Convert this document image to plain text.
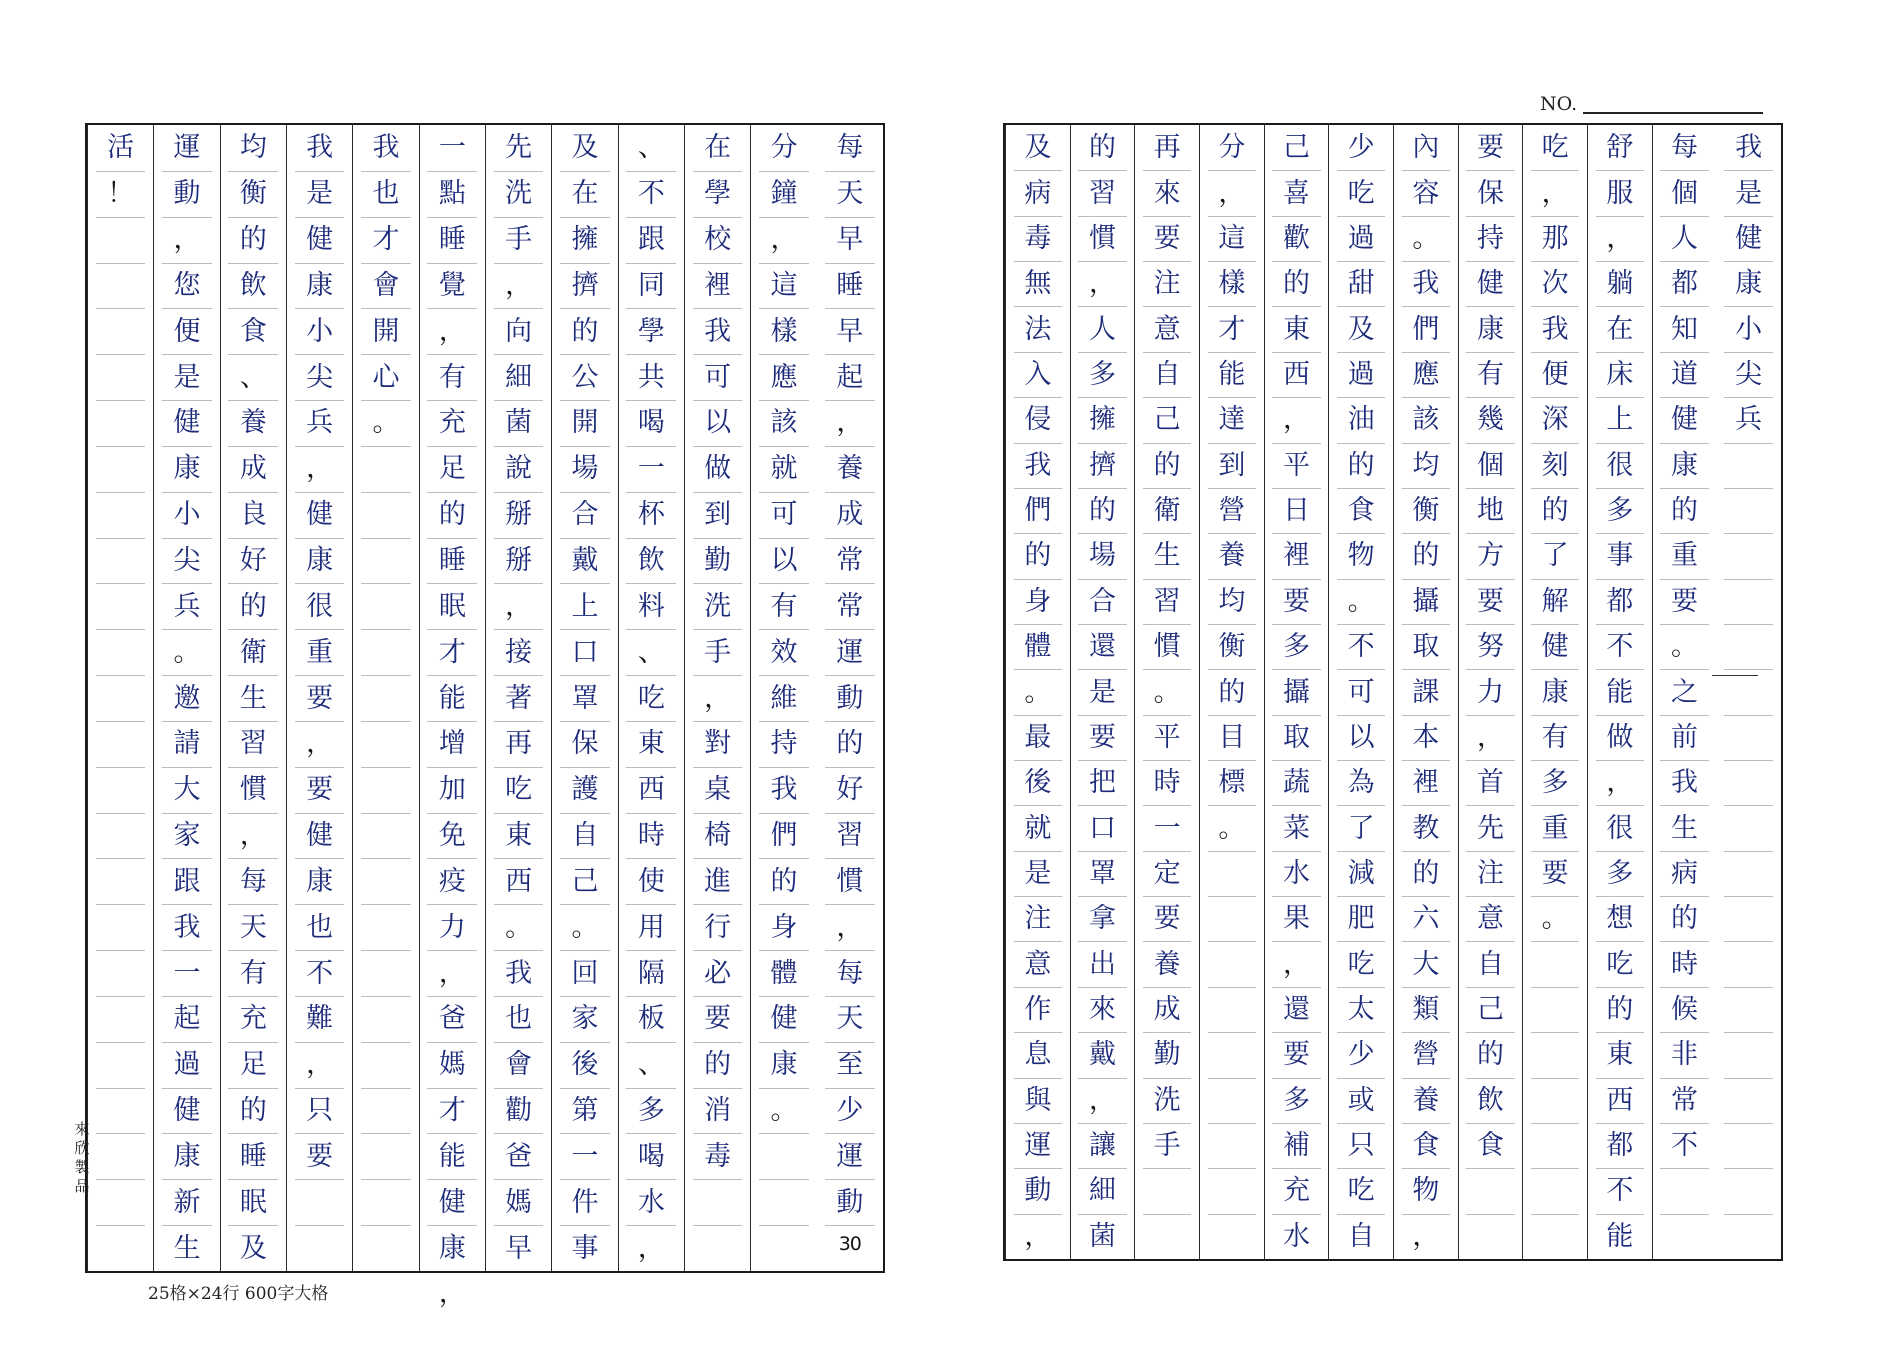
每
天
早
睡
早
起
，
養
成
常
常
運
動
的
好
習
慣
，
每
天
至
少
運
動
30
分
鐘
，
這
樣
應
該
就
可
以
有
效
維
持
我
們
的
身
體
健
康
。
在
學
校
裡
我
可
以
做
到
勤
洗
手
，
對
桌
椅
進
行
必
要
的
消
毒
、
不
跟
同
學
共
喝
一
杯
飲
料
、
吃
東
西
時
使
用
隔
板
、
多
喝
水
，
及
在
擁
擠
的
公
開
場
合
戴
上
口
罩
保
護
自
己
。
回
家
後
第
一
件
事
先
洗
手
，
向
細
菌
說
掰
掰
，
接
著
再
吃
東
西
。
我
也
會
勸
爸
媽
早
一
點
睡
覺
，
有
充
足
的
睡
眠
才
能
增
加
免
疫
力
，
爸
媽
才
能
健
康
，
我
也
才
會
開
心
。
我
是
健
康
小
尖
兵
，
健
康
很
重
要
，
要
健
康
也
不
難
，
只
要
均
衡
的
飲
食
、
養
成
良
好
的
衛
生
習
慣
，
每
天
有
充
足
的
睡
眠
及
運
動
，
您
便
是
健
康
小
尖
兵
。
邀
請
大
家
跟
我
一
起
過
健
康
新
生
活
！
我
是
健
康
小
尖
兵
每
個
人
都
知
道
健
康
的
重
要
。
之
前
我
生
病
的
時
候
非
常
不
舒
服
，
躺
在
床
上
很
多
事
都
不
能
做
，
很
多
想
吃
的
東
西
都
不
能
吃
，
那
次
我
便
深
刻
的
了
解
健
康
有
多
重
要
。
要
保
持
健
康
有
幾
個
地
方
要
努
力
，
首
先
注
意
自
己
的
飲
食
內
容
。
我
們
應
該
均
衡
的
攝
取
課
本
裡
教
的
六
大
類
營
養
食
物
，
少
吃
過
甜
及
過
油
的
食
物
。
不
可
以
為
了
減
肥
吃
太
少
或
只
吃
自
己
喜
歡
的
東
西
，
平
日
裡
要
多
攝
取
蔬
菜
水
果
，
還
要
多
補
充
水
分
，
這
樣
才
能
達
到
營
養
均
衡
的
目
標
。
再
來
要
注
意
自
己
的
衛
生
習
慣
。
平
時
一
定
要
養
成
勤
洗
手
的
習
慣
，
人
多
擁
擠
的
場
合
還
是
要
把
口
罩
拿
出
來
戴
，
讓
細
菌
及
病
毒
無
法
入
侵
我
們
的
身
體
。
最
後
就
是
注
意
作
息
與
運
動
，
25格×24行 600字大格
來欣製品
NO.
